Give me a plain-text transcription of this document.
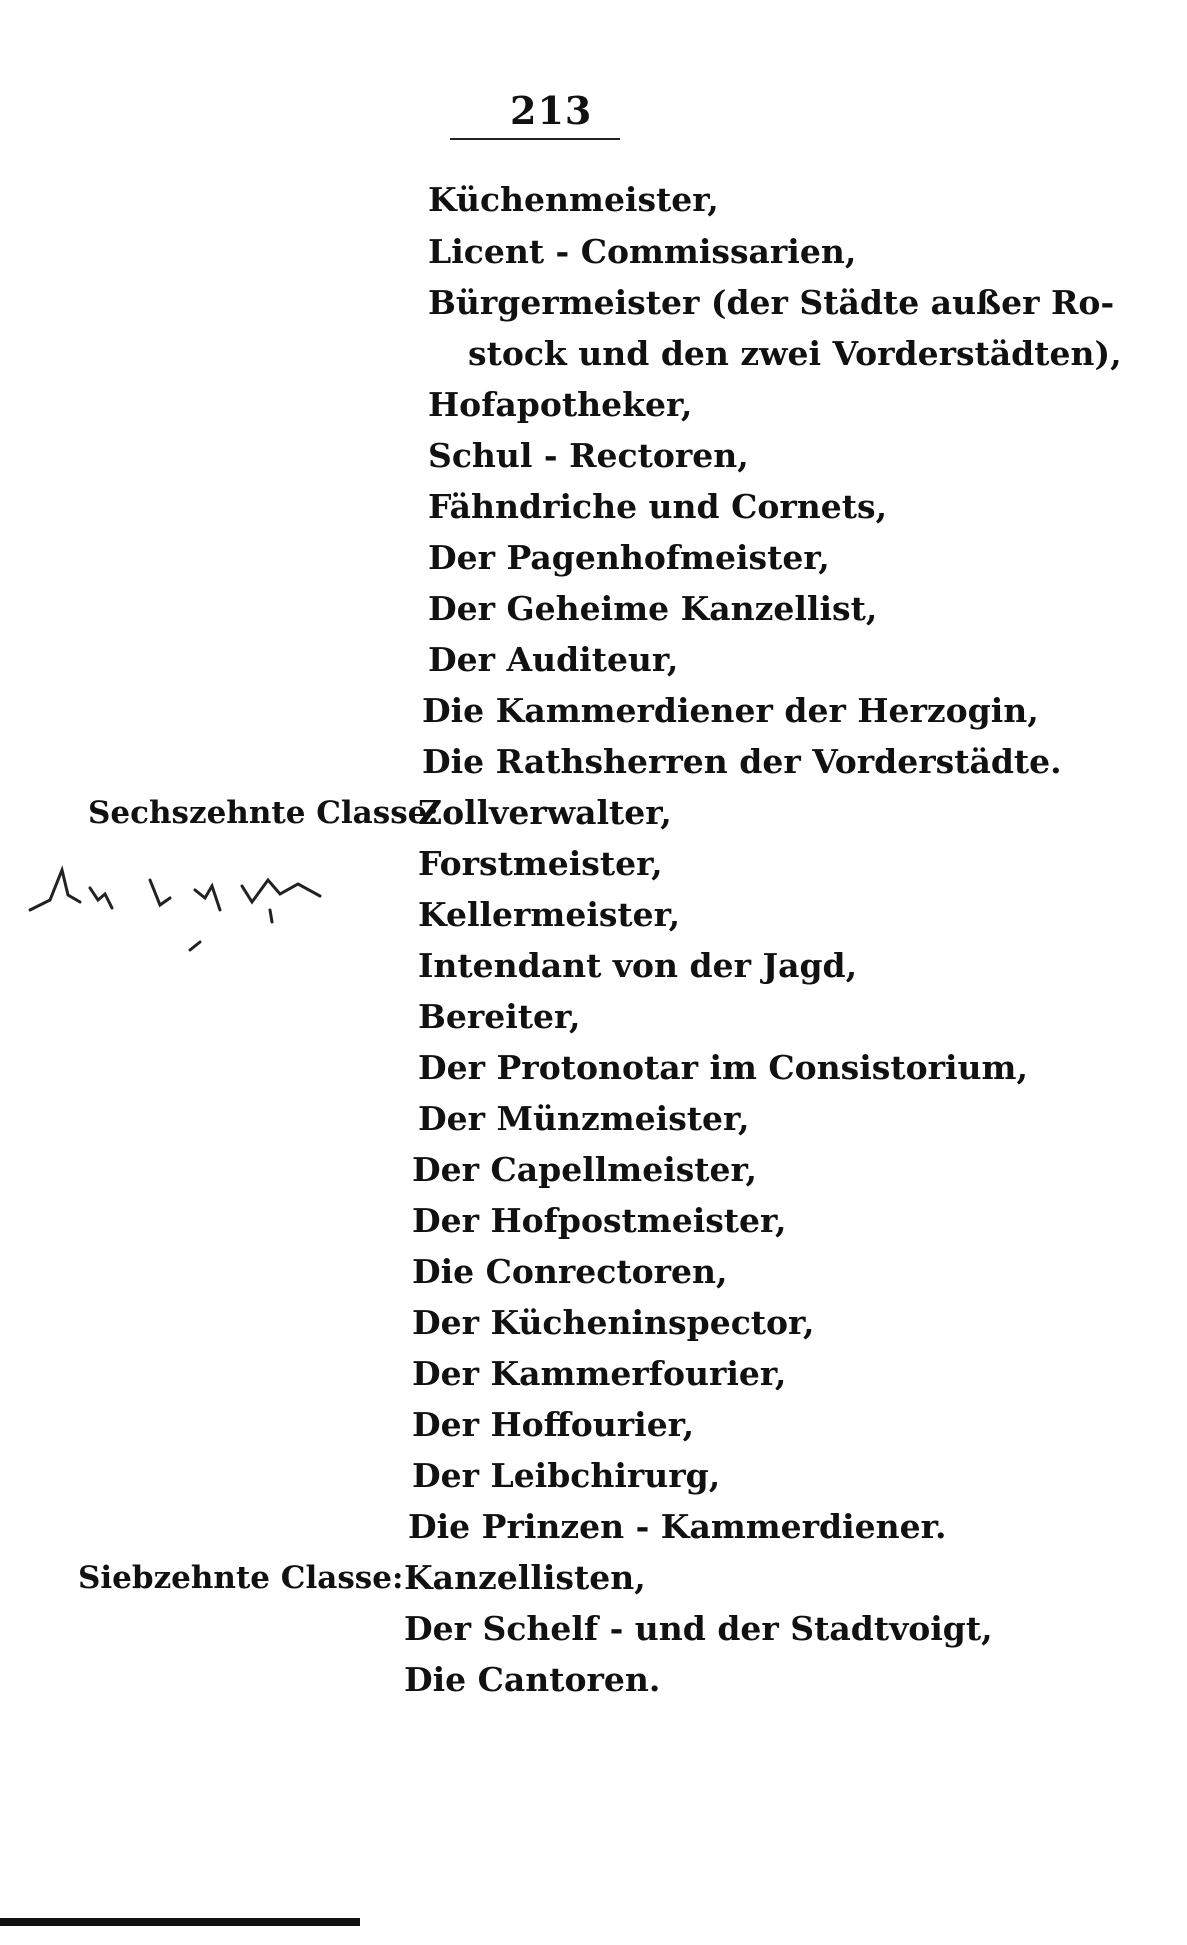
213
Küchenmeister,
Licent - Commissarien,
Bürgermeister (der Städte außer Ro-
stock und den zwei Vorderstädten),
Hofapotheker,
Schul - Rectoren,
Fähndriche und Cornets,
Der Pagenhofmeister,
Der Geheime Kanzellist,
Der Auditeur,
Die Kammerdiener der Herzogin,
Die Rathsherren der Vorderstädte.
Sechszehnte Classe:
Zollverwalter,
Forstmeister,
Kellermeister,
Intendant von der Jagd,
Bereiter,
Der Protonotar im Consistorium,
Der Münzmeister,
Der Capellmeister,
Der Hofpostmeister,
Die Conrectoren,
Der Kücheninspector,
Der Kammerfourier,
Der Hoffourier,
Der Leibchirurg,
Die Prinzen - Kammerdiener.
Siebzehnte Classe: Kanzellisten,
Der Schelf - und der Stadtvoigt,
Die Cantoren.
